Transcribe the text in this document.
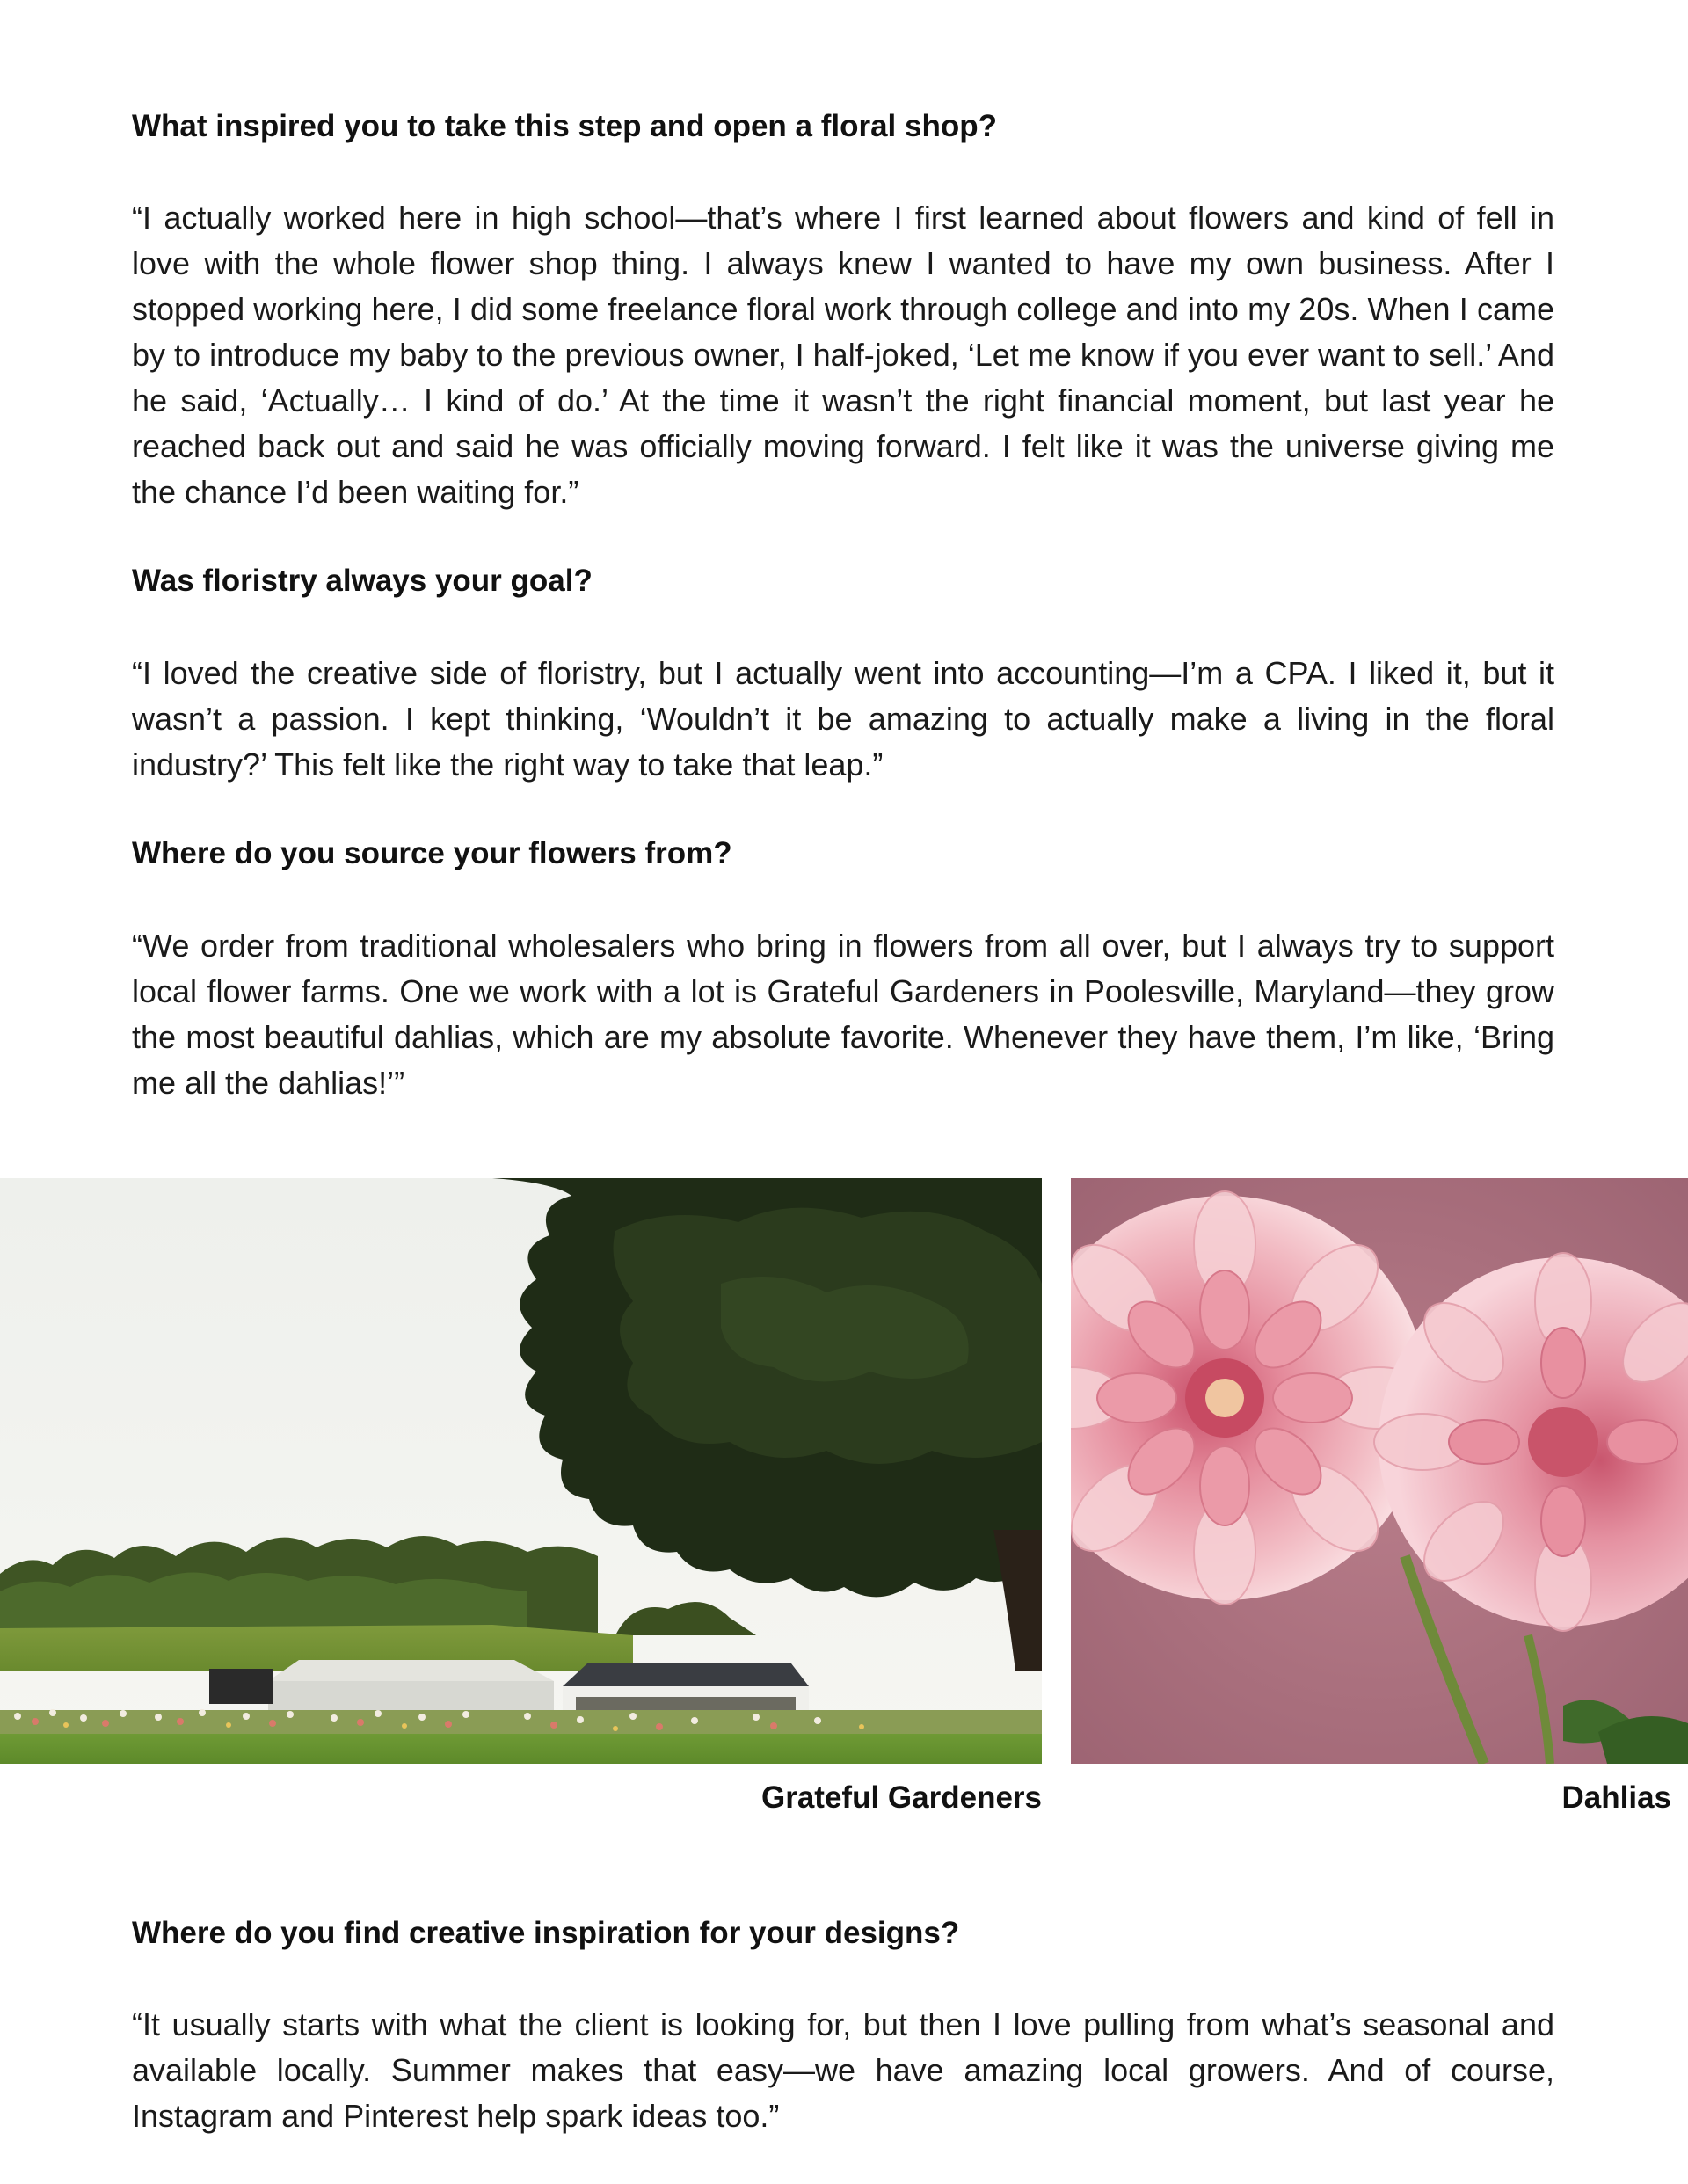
What inspired you to take this step and open a floral shop?

“I actually worked here in high school—that’s where I first learned about flowers and kind of fell in love with the whole flower shop thing. I always knew I wanted to have my own business. After I stopped working here, I did some freelance floral work through college and into my 20s. When I came by to introduce my baby to the previous owner, I half-joked, ‘Let me know if you ever want to sell.’ And he said, ‘Actually… I kind of do.’ At the time it wasn’t the right financial moment, but last year he reached back out and said he was officially moving forward. I felt like it was the universe giving me the chance I’d been waiting for.”

Was floristry always your goal?

“I loved the creative side of floristry, but I actually went into accounting—I’m a CPA. I liked it, but it wasn’t a passion. I kept thinking, ‘Wouldn’t it be amazing to actually make a living in the floral industry?’ This felt like the right way to take that leap.”

Where do you source your flowers from?

“We order from traditional wholesalers who bring in flowers from all over, but I always try to support local flower farms. One we work with a lot is Grateful Gardeners in Poolesville, Maryland—they grow the most beautiful dahlias, which are my absolute favorite. Whenever they have them, I’m like, ‘Bring me all the dahlias!’”

Grateful Gardeners	Dahlias

Where do you find creative inspiration for your designs?

“It usually starts with what the client is looking for, but then I love pulling from what’s seasonal and available locally. Summer makes that easy—we have amazing local growers. And of course, Instagram and Pinterest help spark ideas too.”
